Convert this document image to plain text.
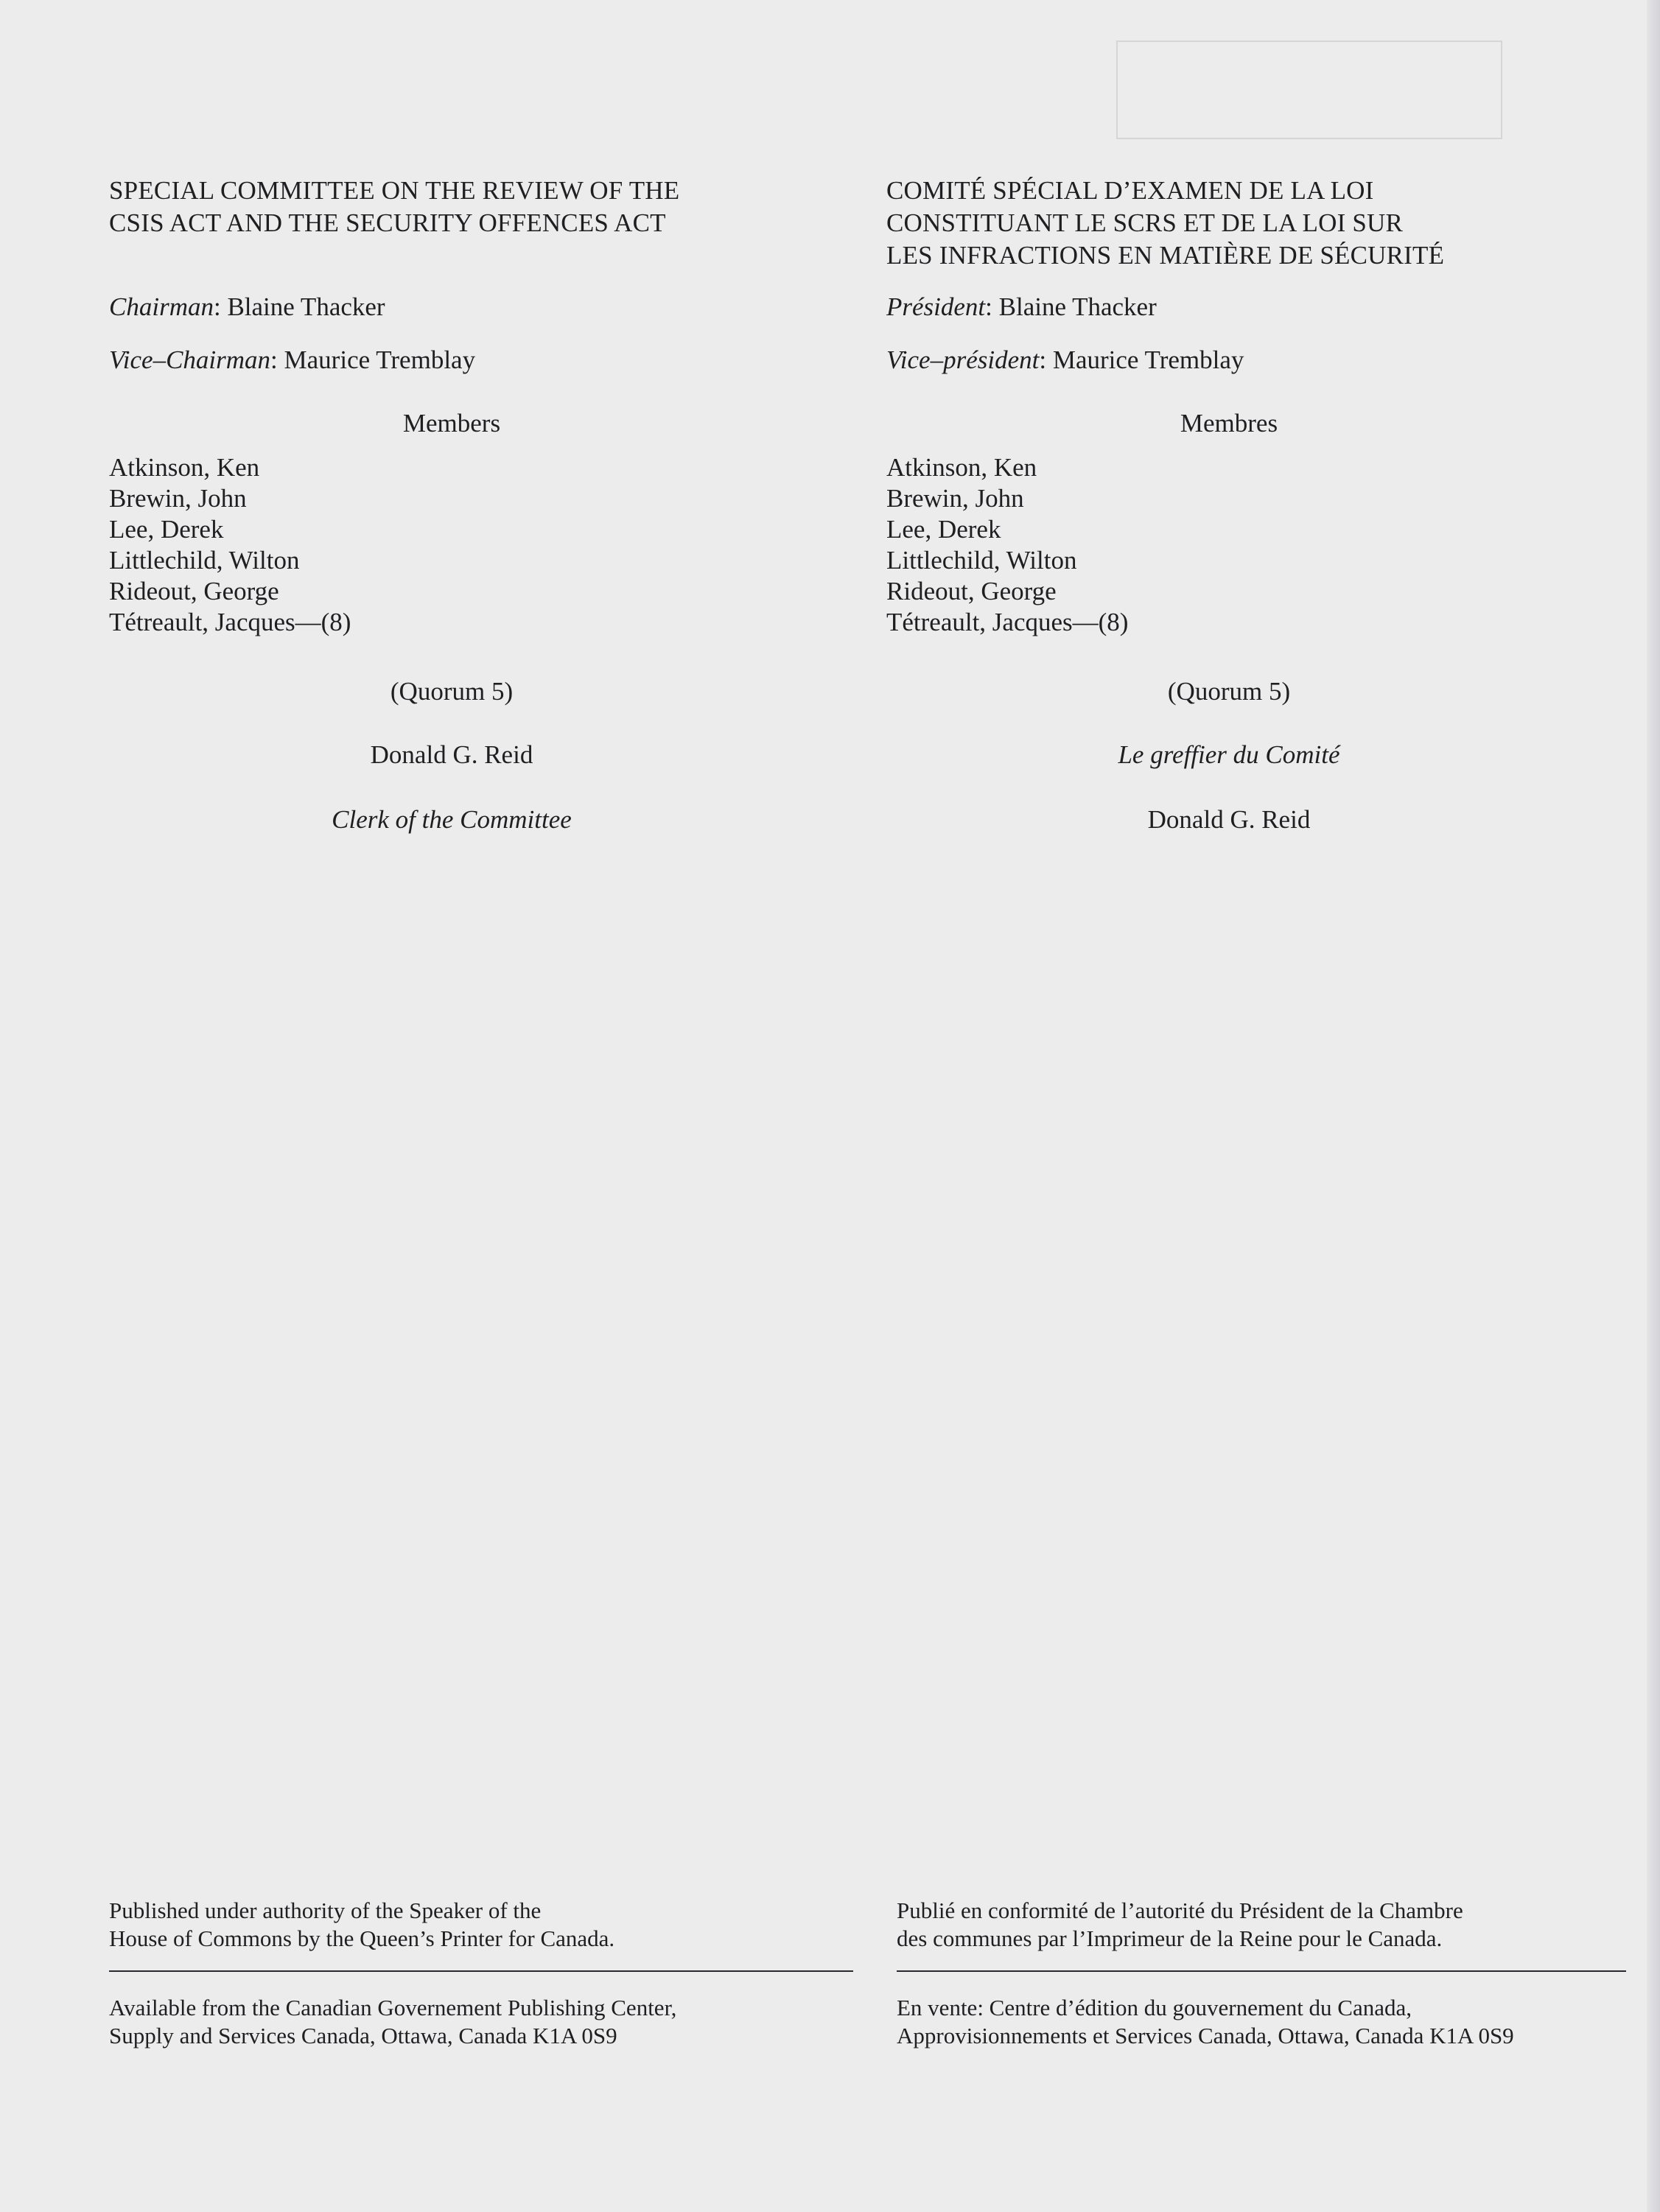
SPECIAL COMMITTEE ON THE REVIEW OF THE
CSIS ACT AND THE SECURITY OFFENCES ACT
Chairman: Blaine Thacker
Vice–Chairman: Maurice Tremblay
Members
Atkinson, Ken
Brewin, John
Lee, Derek
Littlechild, Wilton
Rideout, George
Tétreault, Jacques—(8)
(Quorum 5)
Donald G. Reid
Clerk of the Committee
Published under authority of the Speaker of the
House of Commons by the Queen’s Printer for Canada.
Available from the Canadian Governement Publishing Center,
Supply and Services Canada, Ottawa, Canada K1A 0S9
COMITÉ SPÉCIAL D’EXAMEN DE LA LOI
CONSTITUANT LE SCRS ET DE LA LOI SUR
LES INFRACTIONS EN MATIÈRE DE SÉCURITÉ
Président: Blaine Thacker
Vice–président: Maurice Tremblay
Membres
Atkinson, Ken
Brewin, John
Lee, Derek
Littlechild, Wilton
Rideout, George
Tétreault, Jacques—(8)
(Quorum 5)
Le greffier du Comité
Donald G. Reid
Publié en conformité de l’autorité du Président de la Chambre
des communes par l’Imprimeur de la Reine pour le Canada.
En vente: Centre d’édition du gouvernement du Canada,
Approvisionnements et Services Canada, Ottawa, Canada K1A 0S9
